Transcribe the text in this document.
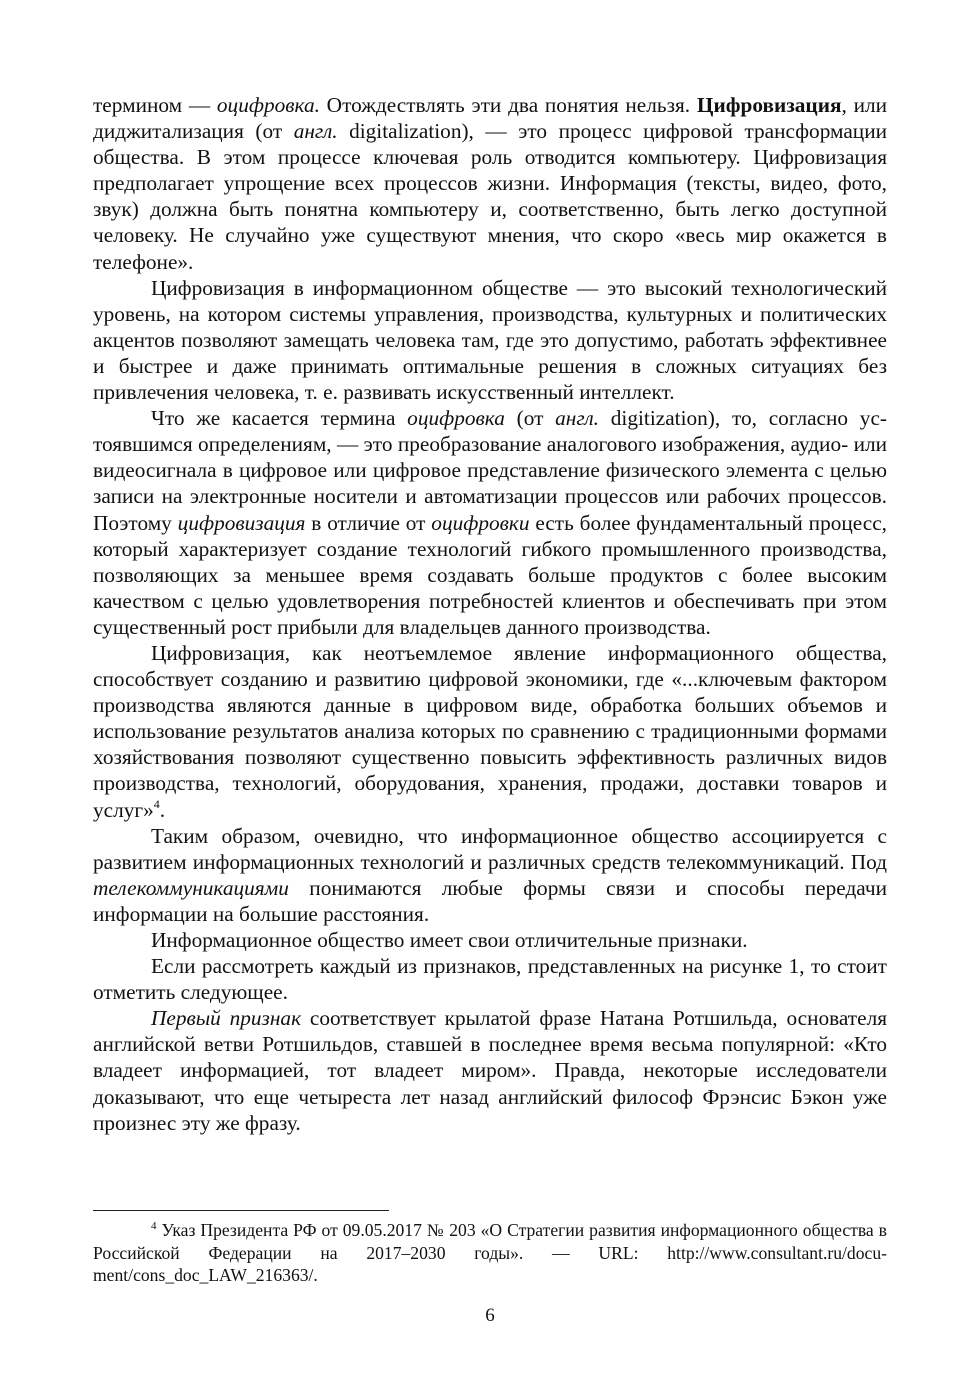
термином — оцифровка. Отождествлять эти два понятия нельзя. Цифровизация, или диджитализация (от англ. digitalization), — это процесс цифровой трансформации общества. В этом процессе ключевая роль отводится компьютеру. Цифровизация предполагает упрощение всех процессов жизни. Информация (тексты, видео, фото, звук) должна быть понятна компьютеру и, соответственно, быть легко доступной человеку. Не случайно уже существуют мнения, что скоро «весь мир окажется в телефоне».

Цифровизация в информационном обществе — это высокий технологический уровень, на котором системы управления, производства, культурных и политических акцентов позволяют замещать человека там, где это допустимо, работать эффективнее и быстрее и даже принимать оптимальные решения в сложных ситуациях без привлечения человека, т. е. развивать искусственный интеллект.

Что же касается термина оцифровка (от англ. digitization), то, согласно устоявшимся определениям, — это преобразование аналогового изображения, аудио- или видеосигнала в цифровое или цифровое представление физического элемента с целью записи на электронные носители и автоматизации процессов или рабочих процессов. Поэтому цифровизация в отличие от оцифровки есть более фундаментальный процесс, который характеризует создание технологий гибкого промышленного производства, позволяющих за меньшее время создавать больше продуктов с более высоким качеством с целью удовлетворения потребностей клиентов и обеспечивать при этом существенный рост прибыли для владельцев данного производства.

Цифровизация, как неотъемлемое явление информационного общества, способствует созданию и развитию цифровой экономики, где «...ключевым фактором производства являются данные в цифровом виде, обработка больших объемов и использование результатов анализа которых по сравнению с традиционными формами хозяйствования позволяют существенно повысить эффективность различных видов производства, технологий, оборудования, хранения, продажи, доставки товаров и услуг»$^4$.

Таким образом, очевидно, что информационное общество ассоциируется с развитием информационных технологий и различных средств телекоммуникаций. Под телекоммуникациями понимаются любые формы связи и способы передачи информации на большие расстояния.

Информационное общество имеет свои отличительные признаки.

Если рассмотреть каждый из признаков, представленных на рисунке 1, то стоит отметить следующее.

Первый признак соответствует крылатой фразе Натана Ротшильда, основателя английской ветви Ротшильдов, ставшей в последнее время весьма популярной: «Кто владеет информацией, тот владеет миром». Правда, некоторые исследователи доказывают, что еще четыреста лет назад английский философ Фрэнсис Бэкон уже произнес эту же фразу.

$^4$ Указ Президента РФ от 09.05.2017 № 203 «О Стратегии развития информационного общества в Российской Федерации на 2017–2030 годы». — URL: http://www.consultant.ru/document/cons_doc_LAW_216363/.

6
